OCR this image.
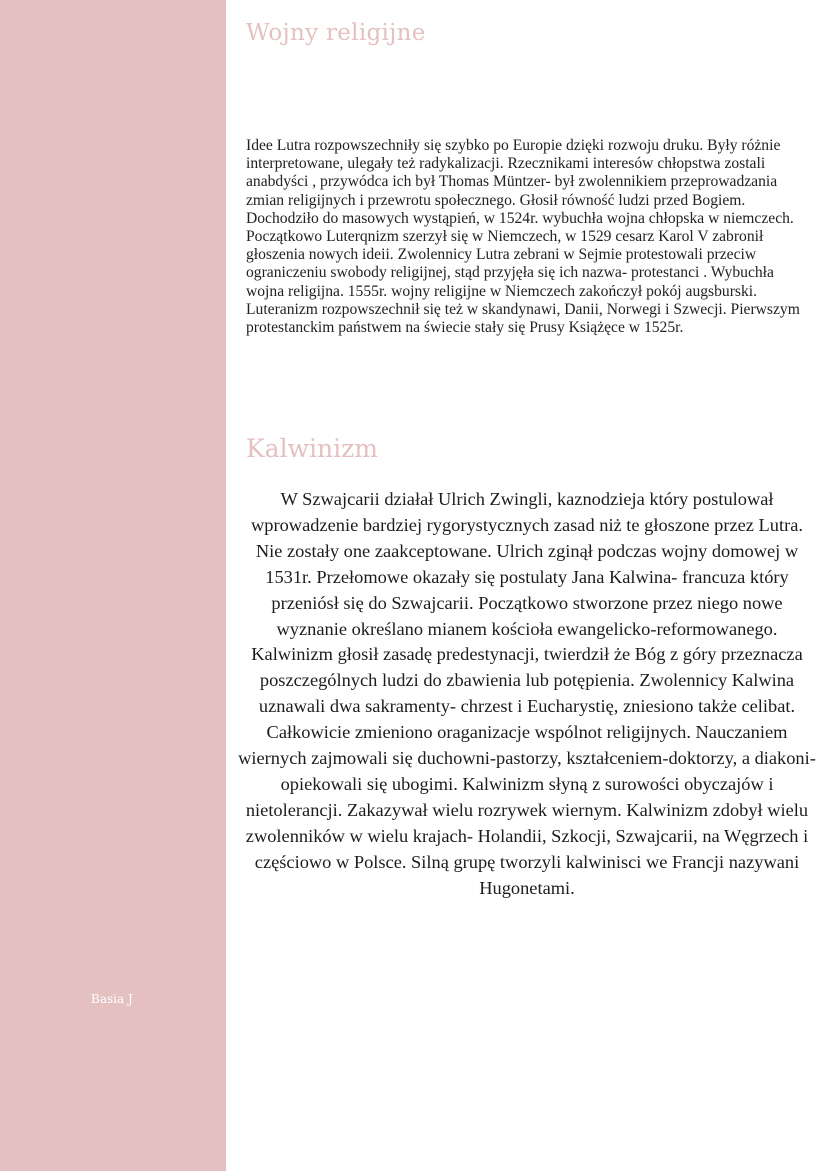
Basia J
Wojny religijne

Idee Lutra rozpowszechniły się szybko po Europie dzięki rozwoju druku. Były różnie interpretowane, ulegały też radykalizacji. Rzecznikami interesów chłopstwa zostali anabdyści , przywódca ich był Thomas Müntzer- był zwolennikiem przeprowadzania zmian religijnych i przewrotu społecznego. Głosił równość ludzi przed Bogiem. Dochodziło do masowych wystąpień, w 1524r. wybuchła wojna chłopska w niemczech. Początkowo Luterqnizm szerzył się w Niemczech, w 1529 cesarz Karol V zabronił głoszenia nowych ideii. Zwolennicy Lutra zebrani w Sejmie protestowali przeciw ograniczeniu swobody religijnej, stąd przyjęła się ich nazwa- protestanci . Wybuchła wojna religijna. 1555r. wojny religijne w Niemczech zakończył pokój augsburski. Luteranizm rozpowszechnił się też w skandynawi, Danii, Norwegi i Szwecji. Pierwszym protestanckim państwem na świecie stały się Prusy Książęce w 1525r.

Kalwinizm

W Szwajcarii działał Ulrich Zwingli, kaznodzieja który postulował wprowadzenie bardziej rygorystycznych zasad niż te głoszone przez Lutra. Nie zostały one zaakceptowane. Ulrich zginął podczas wojny domowej w 1531r. Przełomowe okazały się postulaty Jana Kalwina- francuza który przeniósł się do Szwajcarii. Początkowo stworzone przez niego nowe wyznanie określano mianem kościoła ewangelicko-reformowanego. Kalwinizm głosił zasadę predestynacji, twierdził że Bóg z góry przeznacza poszczególnych ludzi do zbawienia lub potępienia. Zwolennicy Kalwina uznawali dwa sakramenty- chrzest i Eucharystię, zniesiono także celibat. Całkowicie zmieniono oraganizacje wspólnot religijnych. Nauczaniem wiernych zajmowali się duchowni-pastorzy, kształceniem-doktorzy, a diakoni-opiekowali się ubogimi. Kalwinizm słyną z surowości obyczajów i nietolerancji. Zakazywał wielu rozrywek wiernym. Kalwinizm zdobył wielu zwolenników w wielu krajach- Holandii, Szkocji, Szwajcarii, na Węgrzech i częściowo w Polsce. Silną grupę tworzyli kalwinisci we Francji nazywani Hugonetami.
